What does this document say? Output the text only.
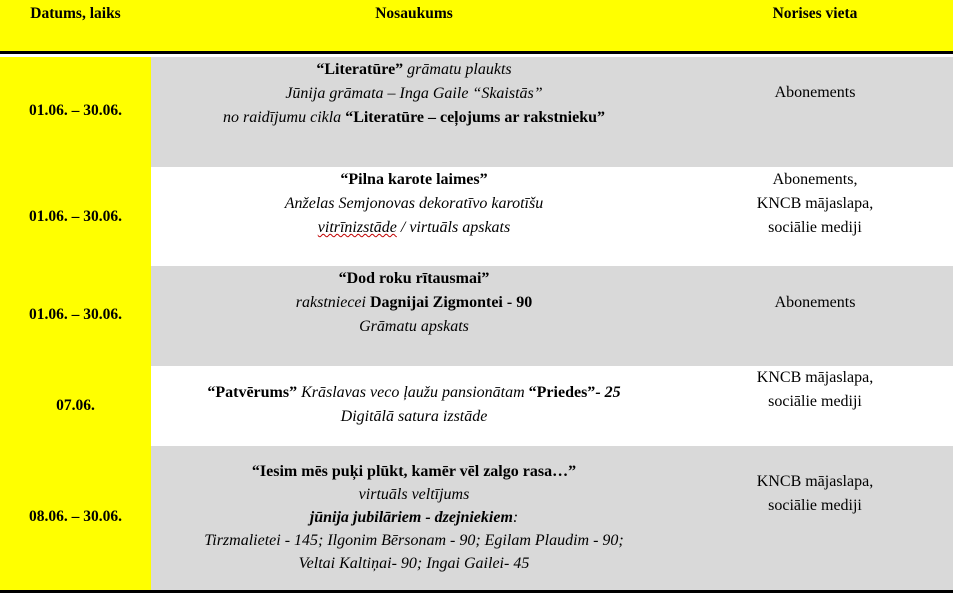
Datums, laiks	Nosaukums	Norises vieta
01.06. – 30.06.
“Literatūre” grāmatu plaukts
Jūnija grāmata – Inga Gaile “Skaistās”
no raidījumu cikla “Literatūre – ceļojums ar rakstnieku”
Abonements
01.06. – 30.06.
“Pilna karote laimes”
Anželas Semjonovas dekoratīvo karotīšu
vitrīnizstāde / virtuāls apskats
Abonements,
KNCB mājaslapa,
sociālie mediji
01.06. – 30.06.
“Dod roku rītausmai”
rakstniecei Dagnijai Zigmontei - 90
Grāmatu apskats
Abonements
07.06.
“Patvērums” Krāslavas veco ļaužu pansionātam “Priedes”- 25
Digitālā satura izstāde
KNCB mājaslapa,
sociālie mediji
08.06. – 30.06.
“Iesim mēs puķi plūkt, kamēr vēl zalgo rasa…”
virtuāls veltījums
jūnija jubilāriem - dzejniekiem:
Tirzmalietei - 145; Ilgonim Bērsonam - 90; Egilam Plaudim - 90;
Veltai Kaltiņai- 90; Ingai Gailei- 45
KNCB mājaslapa,
sociālie mediji
